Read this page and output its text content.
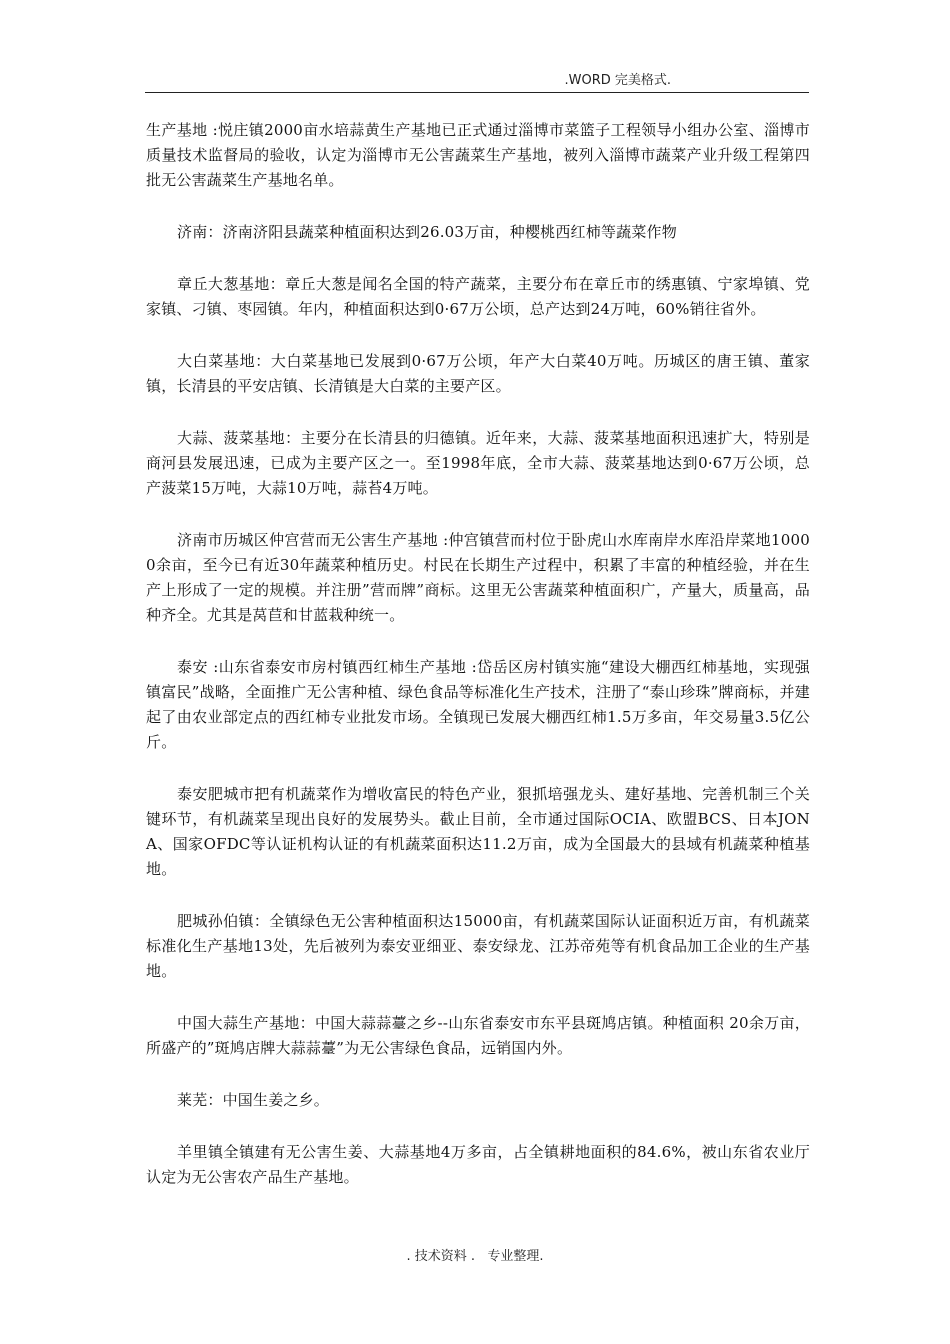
.WORD 完美格式.

生产基地 :悦庄镇2000亩水培蒜黄生产基地已正式通过淄博市菜篮子工程领导小组办公室、淄博市质量技术监督局的验收，认定为淄博市无公害蔬菜生产基地，被列入淄博市蔬菜产业升级工程第四批无公害蔬菜生产基地名单。

济南：济南济阳县蔬菜种植面积达到26.03万亩，种樱桃西红柿等蔬菜作物

章丘大葱基地：章丘大葱是闻名全国的特产蔬菜，主要分布在章丘市的绣惠镇、宁家埠镇、党家镇、刁镇、枣园镇。年内，种植面积达到0·67万公顷，总产达到24万吨，60%销往省外。

大白菜基地：大白菜基地已发展到0·67万公顷，年产大白菜40万吨。历城区的唐王镇、董家镇，长清县的平安店镇、长清镇是大白菜的主要产区。

大蒜、菠菜基地：主要分在长清县的归德镇。近年来，大蒜、菠菜基地面积迅速扩大，特别是商河县发展迅速，已成为主要产区之一。至1998年底，全市大蒜、菠菜基地达到0·67万公顷，总产菠菜15万吨，大蒜10万吨，蒜苔4万吨。

济南市历城区仲宫营而无公害生产基地 :仲宫镇营而村位于卧虎山水库南岸水库沿岸菜地10000余亩，至今已有近30年蔬菜种植历史。村民在长期生产过程中，积累了丰富的种植经验，并在生产上形成了一定的规模。并注册”营而牌”商标。这里无公害蔬菜种植面积广，产量大，质量高，品种齐全。尤其是莴苣和甘蓝栽种统一。

泰安 :山东省泰安市房村镇西红柿生产基地 :岱岳区房村镇实施“建设大棚西红柿基地，实现强镇富民”战略，全面推广无公害种植、绿色食品等标准化生产技术，注册了“泰山珍珠”牌商标，并建起了由农业部定点的西红柿专业批发市场。全镇现已发展大棚西红柿1.5万多亩，年交易量3.5亿公斤。

泰安肥城市把有机蔬菜作为增收富民的特色产业，狠抓培强龙头、建好基地、完善机制三个关键环节，有机蔬菜呈现出良好的发展势头。截止目前，全市通过国际OCIA、欧盟BCS、日本JONA、国家OFDC等认证机构认证的有机蔬菜面积达11.2万亩，成为全国最大的县域有机蔬菜种植基地。

肥城孙伯镇：全镇绿色无公害种植面积达15000亩，有机蔬菜国际认证面积近万亩，有机蔬菜标准化生产基地13处，先后被列为泰安亚细亚、泰安绿龙、江苏帝苑等有机食品加工企业的生产基地。

中国大蒜生产基地：中国大蒜蒜薹之乡--山东省泰安市东平县斑鸠店镇。种植面积 20余万亩，所盛产的”斑鸠店牌大蒜蒜薹”为无公害绿色食品，远销国内外。

莱芜：中国生姜之乡。

羊里镇全镇建有无公害生姜、大蒜基地4万多亩，占全镇耕地面积的84.6%，被山东省农业厅认定为无公害农产品生产基地。

. 技术资料 .   专业整理.
